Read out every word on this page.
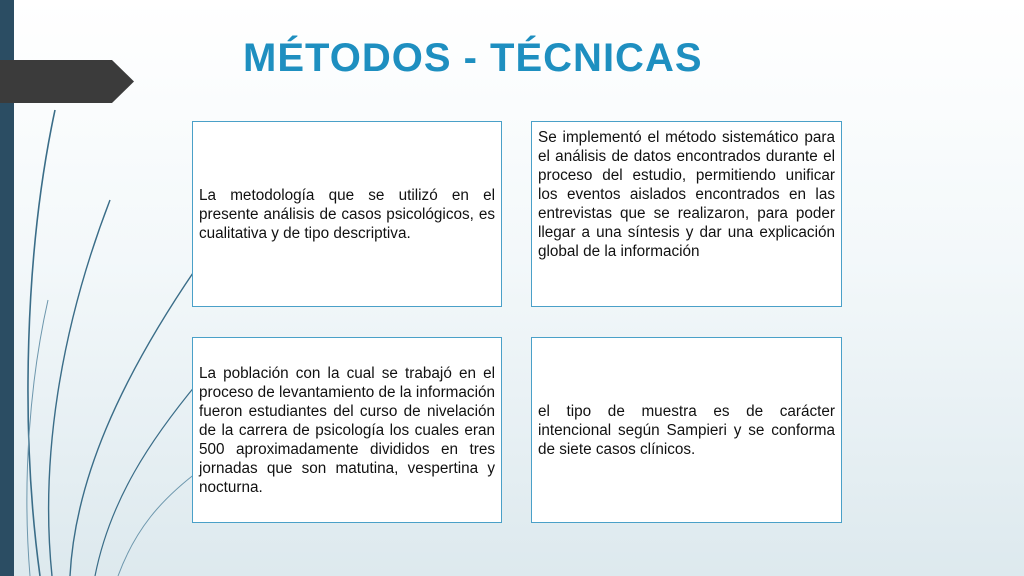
MÉTODOS - TÉCNICAS

La metodología que se utilizó en el presente análisis de casos psicológicos, es cualitativa y de tipo descriptiva.

Se implementó el método sistemático para el análisis de datos encontrados durante el proceso del estudio, permitiendo unificar los eventos aislados encontrados en las entrevistas que se realizaron, para poder llegar a una síntesis y dar una explicación global de la información

La población con la cual se trabajó en el proceso de levantamiento de la información fueron estudiantes del curso de nivelación de la carrera de psicología los cuales eran 500 aproximadamente divididos en tres jornadas que son matutina, vespertina y nocturna.

el tipo de muestra es de carácter intencional según Sampieri y se conforma de siete casos clínicos.
